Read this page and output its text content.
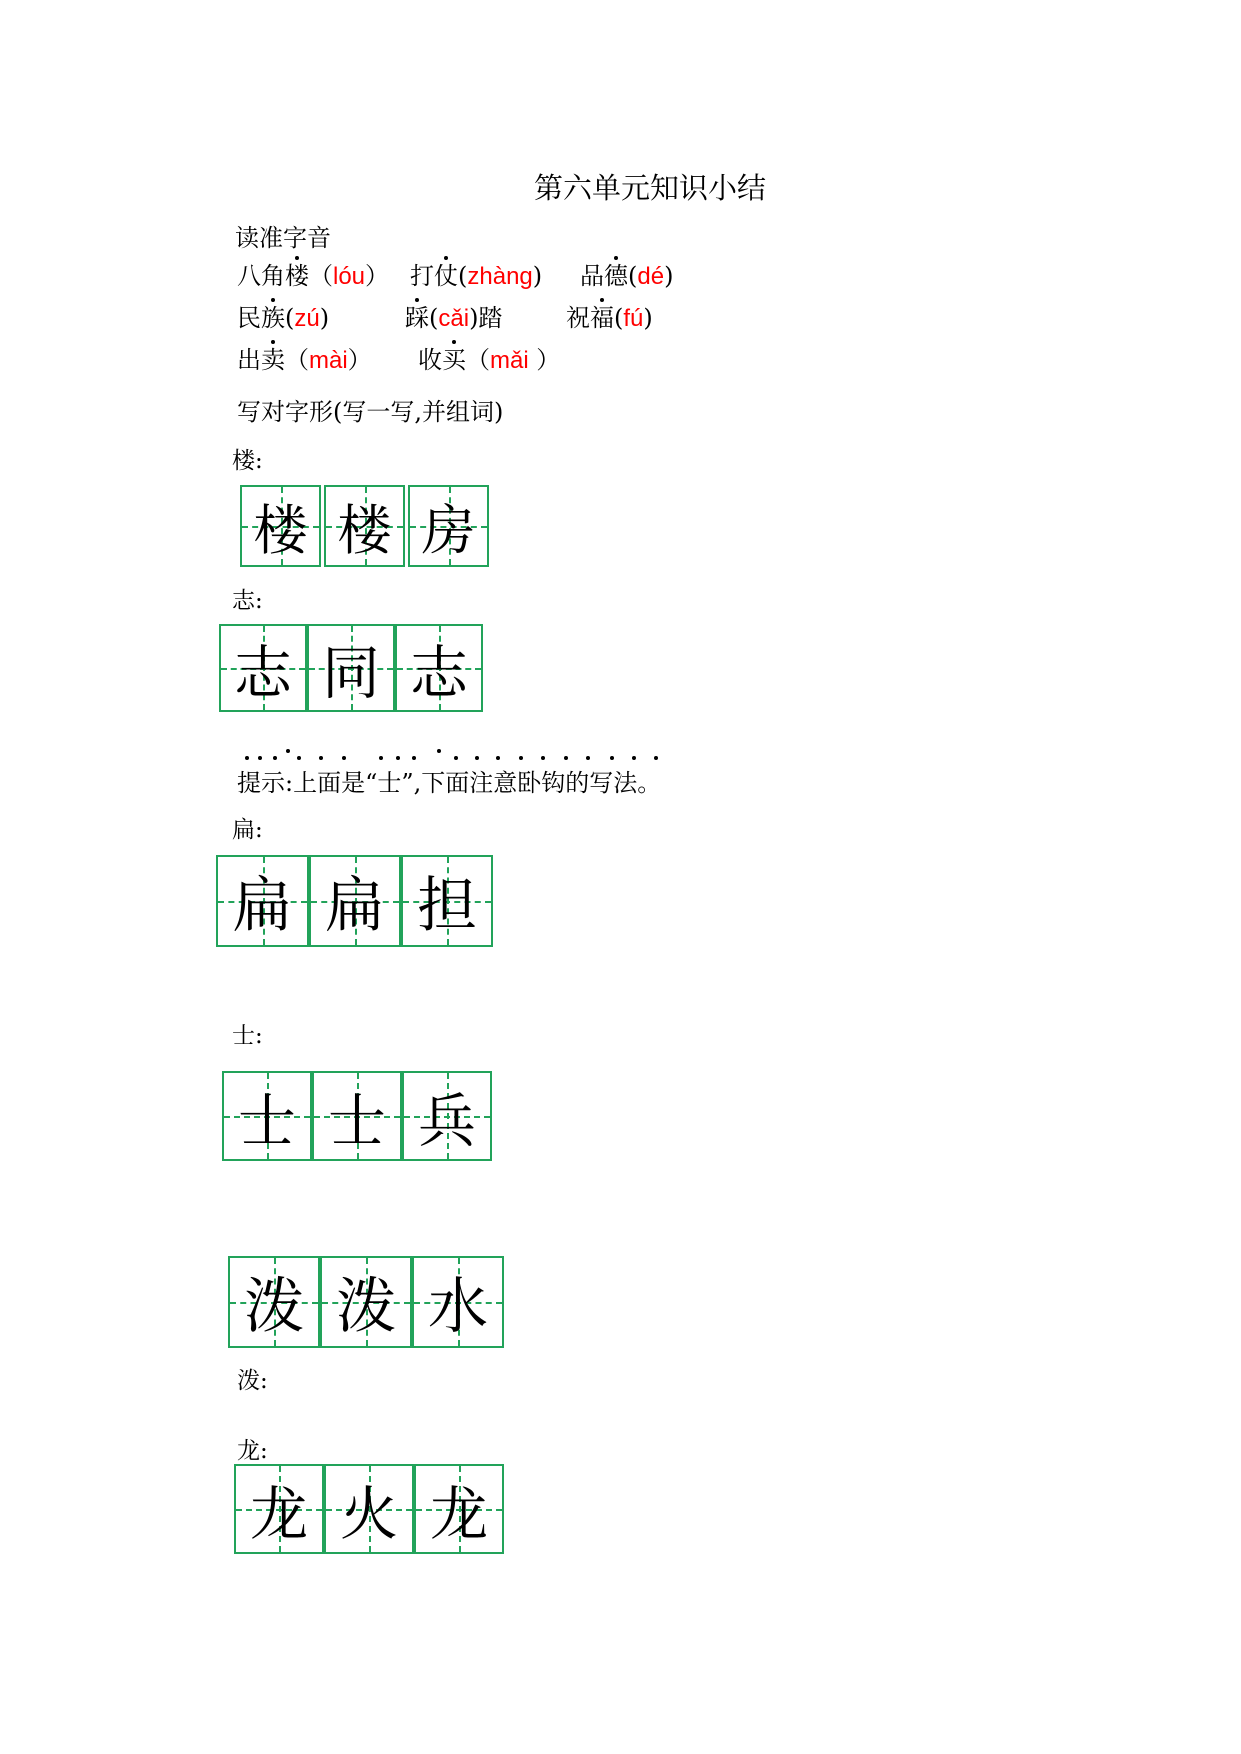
第六单元知识小结
读准字音
八角
楼（lóu） 打
仗(zhàng) 品
德(dé)
民
族(zú)	踩(cǎi)踏	祝
福(fú)
出
卖（mài） 收
买（mǎi ）
写对字形(写一写,并组词)
楼:
楼 楼 房
志:
志 同 志
提示:上面是“士”,下面注意卧钩的写法。
扁:
扁 扁 担
士:
士 士 兵
泼 泼 水
泼:
龙:
龙 火 龙
